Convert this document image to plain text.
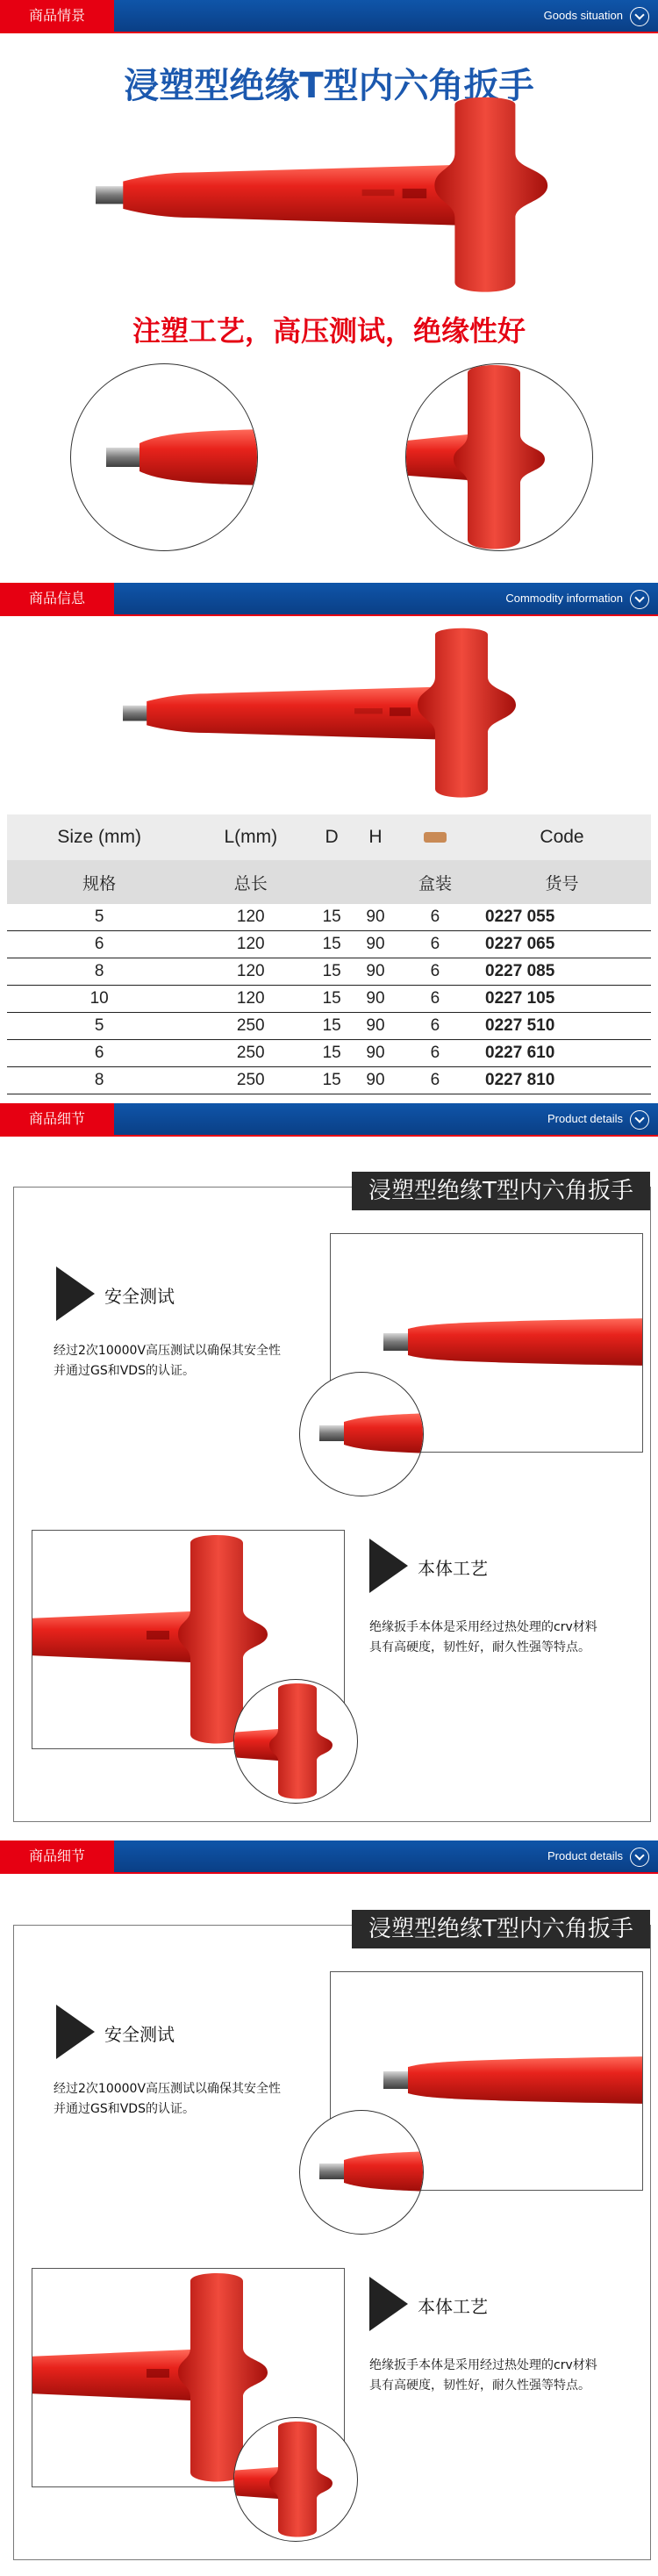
商品情景	Goods situation
浸塑型绝缘T型内六角扳手
注塑工艺，高压测试，绝缘性好
商品信息	Commodity information
Size (mm)	L(mm)	D	H		Code
规格	总长			盒装	货号
5	120	15	90	6	0227 055
6	120	15	90	6	0227 065
8	120	15	90	6	0227 085
10	120	15	90	6	0227 105
5	250	15	90	6	0227 510
6	250	15	90	6	0227 610
8	250	15	90	6	0227 810
商品细节	Product details
浸塑型绝缘T型内六角扳手
安全测试
经过2次10000V高压测试以确保其安全性
并通过GS和VDS的认证。
本体工艺
绝缘扳手本体是采用经过热处理的crv材料
具有高硬度，韧性好，耐久性强等特点。
商品细节	Product details
浸塑型绝缘T型内六角扳手
安全测试
经过2次10000V高压测试以确保其安全性
并通过GS和VDS的认证。
本体工艺
绝缘扳手本体是采用经过热处理的crv材料
具有高硬度，韧性好，耐久性强等特点。
